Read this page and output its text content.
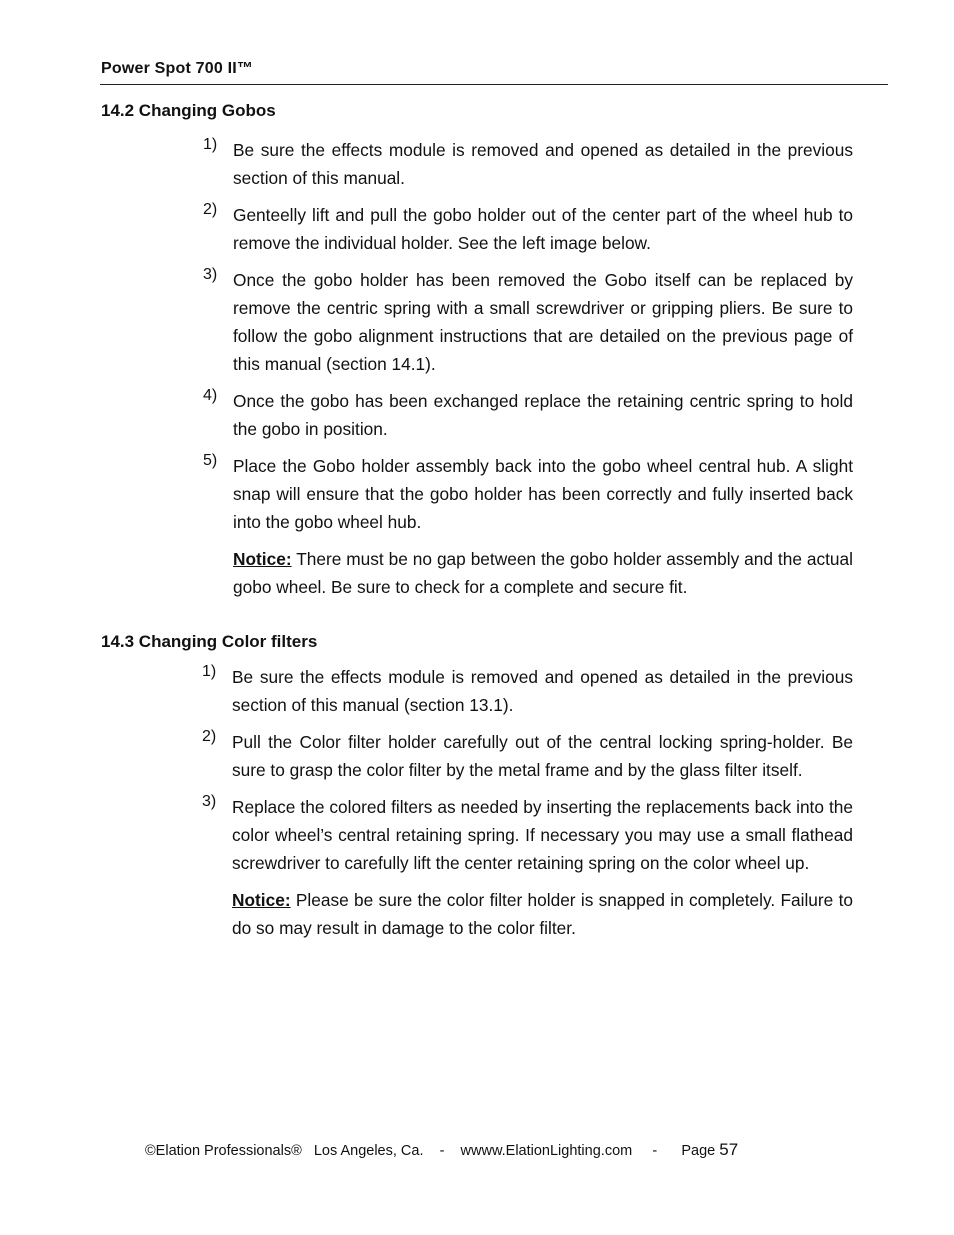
Power Spot 700 II™
14.2 Changing Gobos
1) Be sure the effects module is removed and opened as detailed in the previous section of this manual.

2) Genteelly lift and pull the gobo holder out of the center part of the wheel hub to remove the individual holder. See the left image below.

3) Once the gobo holder has been removed the Gobo itself can be replaced by remove the centric spring with a small screwdriver or gripping pliers. Be sure to follow the gobo alignment instructions that are detailed on the previous page of this manual (section 14.1).

4) Once the gobo has been exchanged replace the retaining centric spring to hold the gobo in position.

5) Place the Gobo holder assembly back into the gobo wheel central hub. A slight snap will ensure that the gobo holder has been correctly and fully inserted back into the gobo wheel hub.

Notice: There must be no gap between the gobo holder assembly and the actual gobo wheel. Be sure to check for a complete and secure fit.

14.3 Changing Color filters
1) Be sure the effects module is removed and opened as detailed in the previous section of this manual (section 13.1).

2) Pull the Color filter holder carefully out of the central locking spring-holder. Be sure to grasp the color filter by the metal frame and by the glass filter itself.

3) Replace the colored filters as needed by inserting the replacements back into the color wheel’s central retaining spring. If necessary you may use a small flathead screwdriver to carefully lift the center retaining spring on the color wheel up.

Notice: Please be sure the color filter holder is snapped in completely. Failure to do so may result in damage to the color filter.

©Elation Professionals®   Los Angeles, Ca.    -    wwww.ElationLighting.com     -      Page 57
